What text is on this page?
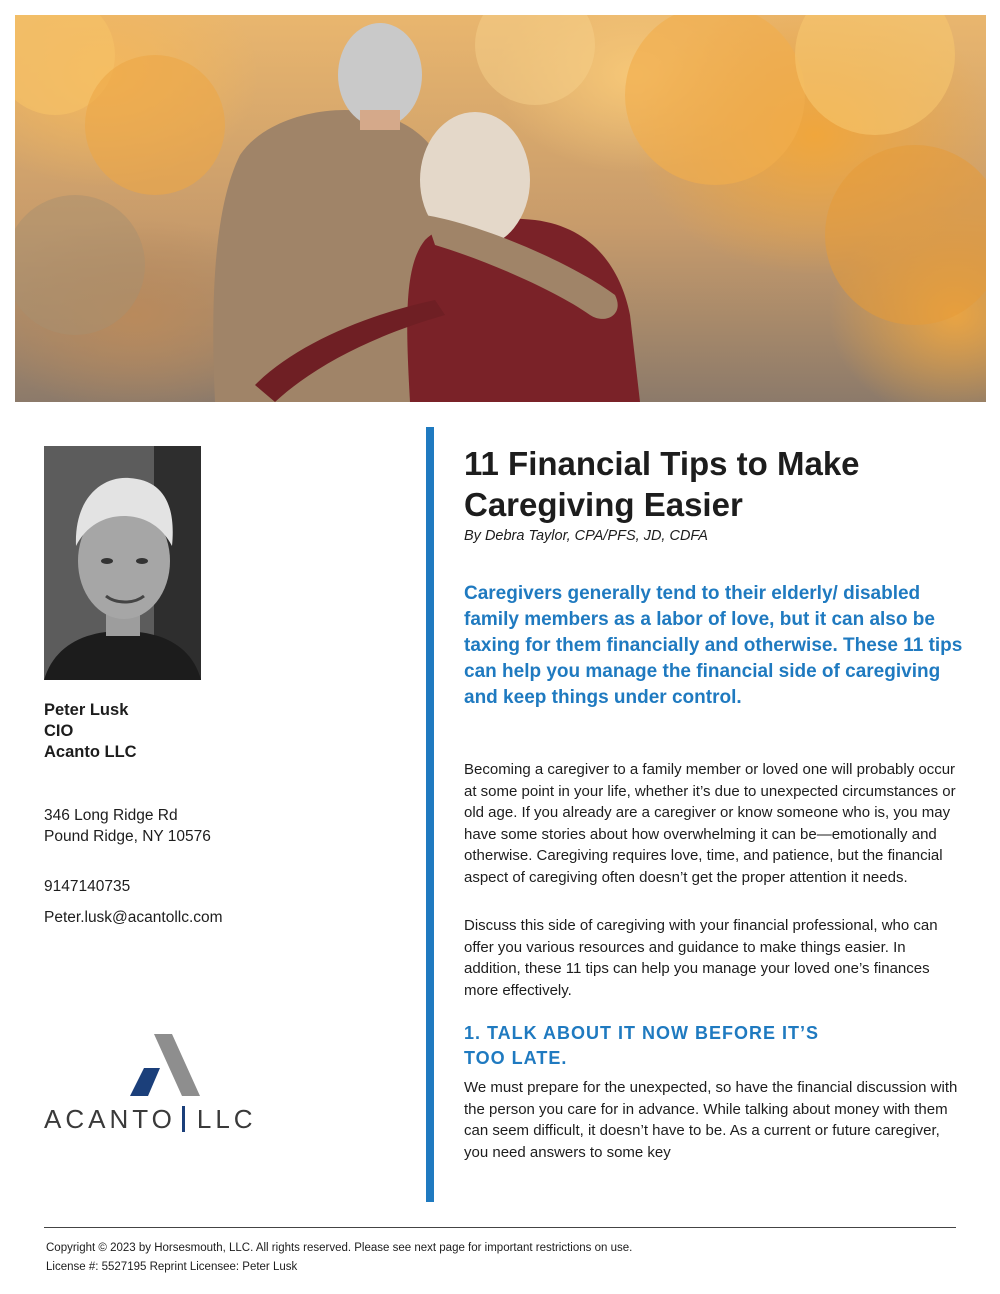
Peter Lusk
CIO
Acanto LLC
346 Long Ridge Rd
Pound Ridge, NY 10576
9147140735
Peter.lusk@acantollc.com
ACANTO LLC
11 Financial Tips to Make Caregiving Easier
By Debra Taylor, CPA/PFS, JD, CDFA

Caregivers generally tend to their elderly/ disabled family members as a labor of love, but it can also be taxing for them financially and otherwise. These 11 tips can help you manage the financial side of caregiving and keep things under control.

Becoming a caregiver to a family member or loved one will probably occur at some point in your life, whether it’s due to unexpected circumstances or old age. If you already are a caregiver or know someone who is, you may have some stories about how overwhelming it can be—emotionally and otherwise. Caregiving requires love, time, and patience, but the financial aspect of caregiving often doesn’t get the proper attention it needs.

Discuss this side of caregiving with your financial professional, who can offer you various resources and guidance to make things easier. In addition, these 11 tips can help you manage your loved one’s finances more effectively.

1. TALK ABOUT IT NOW BEFORE IT’S TOO LATE.

We must prepare for the unexpected, so have the financial discussion with the person you care for in advance. While talking about money with them can seem difficult, it doesn’t have to be. As a current or future caregiver, you need answers to some key

Copyright © 2023 by Horsesmouth, LLC. All rights reserved. Please see next page for important restrictions on use.
License #: 5527195 Reprint Licensee: Peter Lusk
